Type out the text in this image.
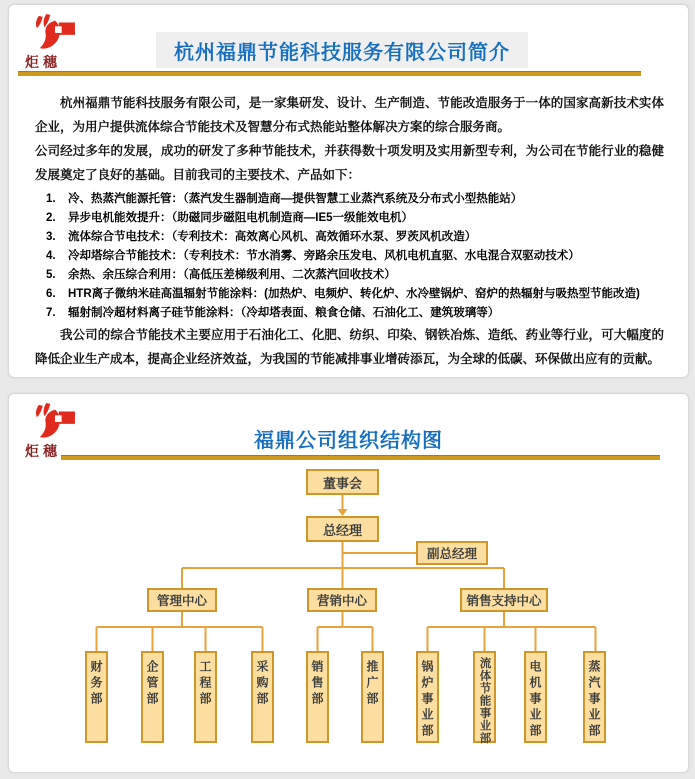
炬穗	杭州福鼎节能科技服务有限公司简介

杭州福鼎节能科技服务有限公司，是一家集研发、设计、生产制造、节能改造服务于一体的国家高新技术实体企业，为用户提供流体综合节能技术及智慧分布式热能站整体解决方案的综合服务商。

公司经过多年的发展，成功的研发了多种节能技术，并获得数十项发明及实用新型专利，为公司在节能行业的稳健发展奠定了良好的基础。目前我司的主要技术、产品如下：

1.	冷、热蒸汽能源托管：（蒸汽发生器制造商—提供智慧工业蒸汽系统及分布式小型热能站）
2.	异步电机能效提升：（助磁同步磁阻电机制造商—IE5一级能效电机）
3.	流体综合节电技术：（专利技术：高效离心风机、高效循环水泵、罗茨风机改造）
4.	冷却塔综合节能技术：（专利技术：节水消雾、旁路余压发电、风机电机直驱、水电混合双驱动技术）
5.	余热、余压综合利用：（高低压差梯级利用、二次蒸汽回收技术）
6.	HTR离子微纳米硅高温辐射节能涂料：(加热炉、电频炉、转化炉、水冷壁锅炉、窑炉的热辐射与吸热型节能改造)
7.	辐射制冷超材料离子硅节能涂料：（冷却塔表面、粮食仓储、石油化工、建筑玻璃等）

我公司的综合节能技术主要应用于石油化工、化肥、纺织、印染、钢铁冶炼、造纸、药业等行业，可大幅度的降低企业生产成本，提高企业经济效益，为我国的节能减排事业增砖添瓦，为全球的低碳、环保做出应有的贡献。

炬穗	福鼎公司组织结构图
董事会
总经理
副总经理
管理中心	营销中心	销售支持中心
财务部	企管部	工程部	采购部	销售部	推广部	锅炉事业部	流体节能事业部	电机事业部	蒸汽事业部
